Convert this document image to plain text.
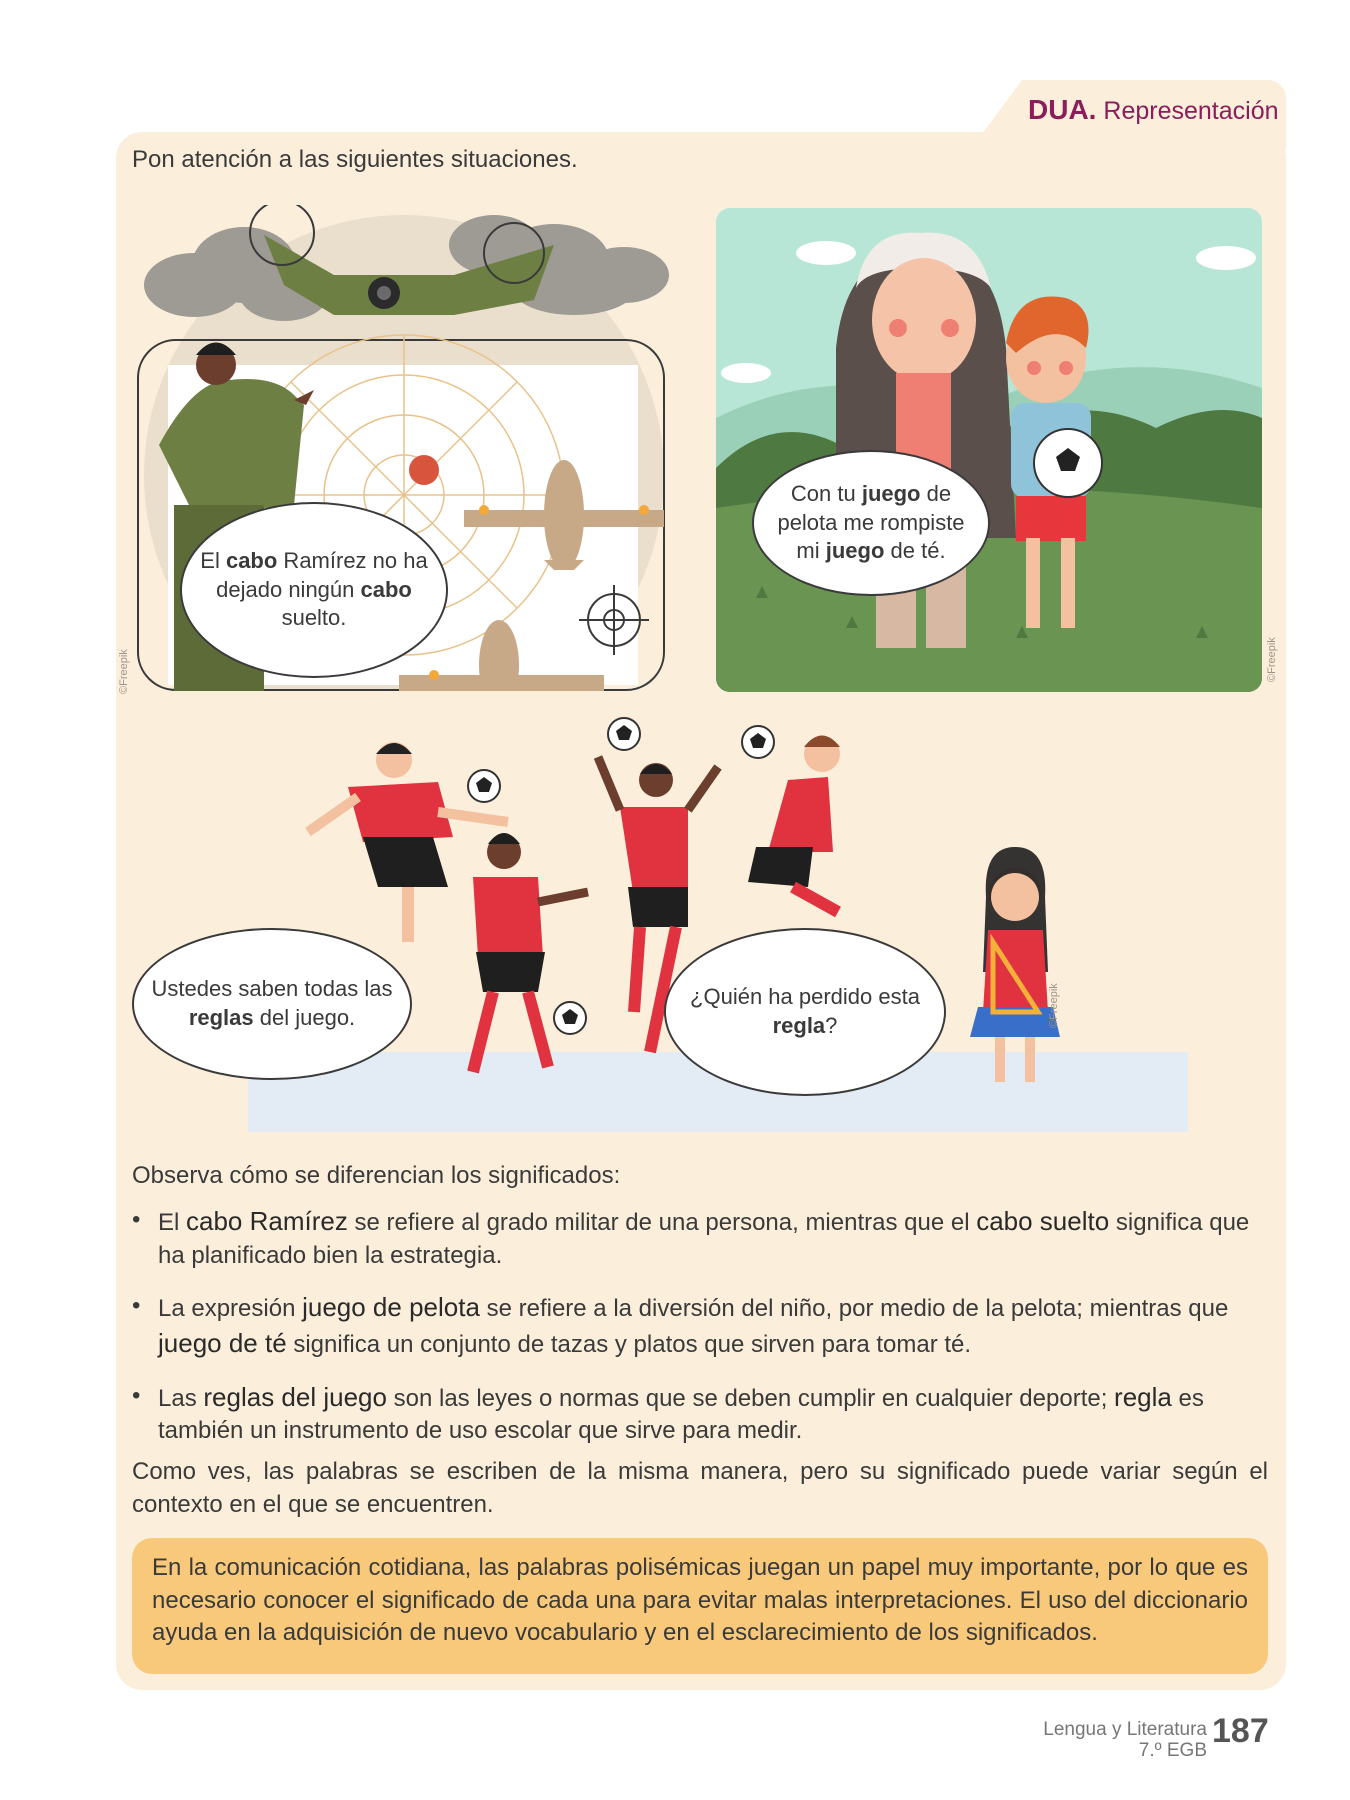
DUA. Representación
Pon atención a las siguientes situaciones.
El cabo Ramírez no ha dejado ningún cabo suelto.
©Freepik
Con tu juego de pelota me rompiste mi juego de té.
©Freepik
Ustedes saben todas las reglas del juego.
¿Quién ha perdido esta regla?	©Freepik
Observa cómo se diferencian los significados:
• El cabo Ramírez se refiere al grado militar de una persona, mientras que el cabo suelto significa que ha planificado bien la estrategia.
• La expresión juego de pelota se refiere a la diversión del niño, por medio de la pelota; mientras que juego de té significa un conjunto de tazas y platos que sirven para tomar té.
• Las reglas del juego son las leyes o normas que se deben cumplir en cualquier deporte; regla es también un instrumento de uso escolar que sirve para medir.
Como ves, las palabras se escriben de la misma manera, pero su significado puede variar según el contexto en el que se encuentren.
En la comunicación cotidiana, las palabras polisémicas juegan un papel muy importante, por lo que es necesario conocer el significado de cada una para evitar malas interpretaciones. El uso del diccionario ayuda en la adquisición de nuevo vocabulario y en el esclarecimiento de los significados.
Lengua y Literatura
7.º EGB
187
